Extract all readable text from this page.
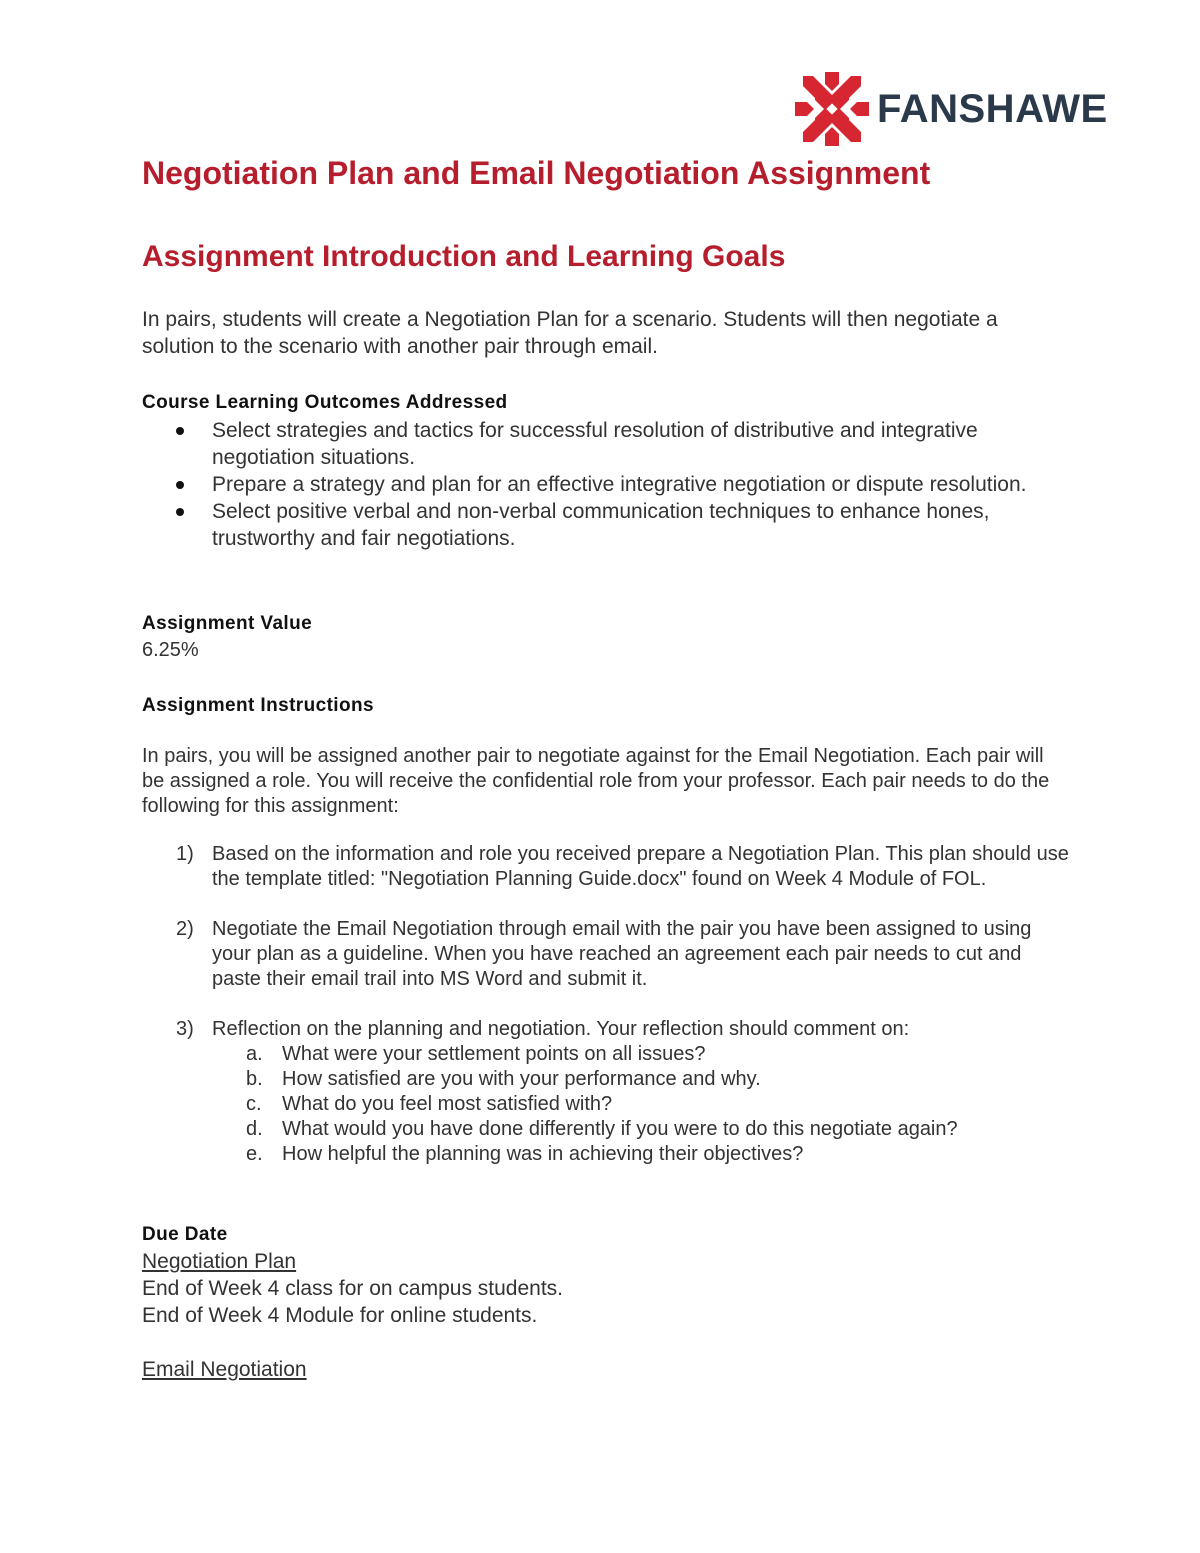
FANSHAWE
Negotiation Plan and Email Negotiation Assignment
Assignment Introduction and Learning Goals

In pairs, students will create a Negotiation Plan for a scenario. Students will then negotiate a solution to the scenario with another pair through email.

Course Learning Outcomes Addressed
Select strategies and tactics for successful resolution of distributive and integrative negotiation situations.
Prepare a strategy and plan for an effective integrative negotiation or dispute resolution.
Select positive verbal and non-verbal communication techniques to enhance hones, trustworthy and fair negotiations.
Assignment Value
6.25%
Assignment Instructions

In pairs, you will be assigned another pair to negotiate against for the Email Negotiation. Each pair will be assigned a role. You will receive the confidential role from your professor. Each pair needs to do the following for this assignment:

1) Based on the information and role you received prepare a Negotiation Plan. This plan should use the template titled: "Negotiation Planning Guide.docx" found on Week 4 Module of FOL.
2) Negotiate the Email Negotiation through email with the pair you have been assigned to using your plan as a guideline. When you have reached an agreement each pair needs to cut and paste their email trail into MS Word and submit it.
3) Reflection on the planning and negotiation. Your reflection should comment on:
a. What were your settlement points on all issues?
b. How satisfied are you with your performance and why.
c. What do you feel most satisfied with?
d. What would you have done differently if you were to do this negotiate again?
e. How helpful the planning was in achieving their objectives?
Due Date
Negotiation Plan
End of Week 4 class for on campus students.
End of Week 4 Module for online students.
Email Negotiation
